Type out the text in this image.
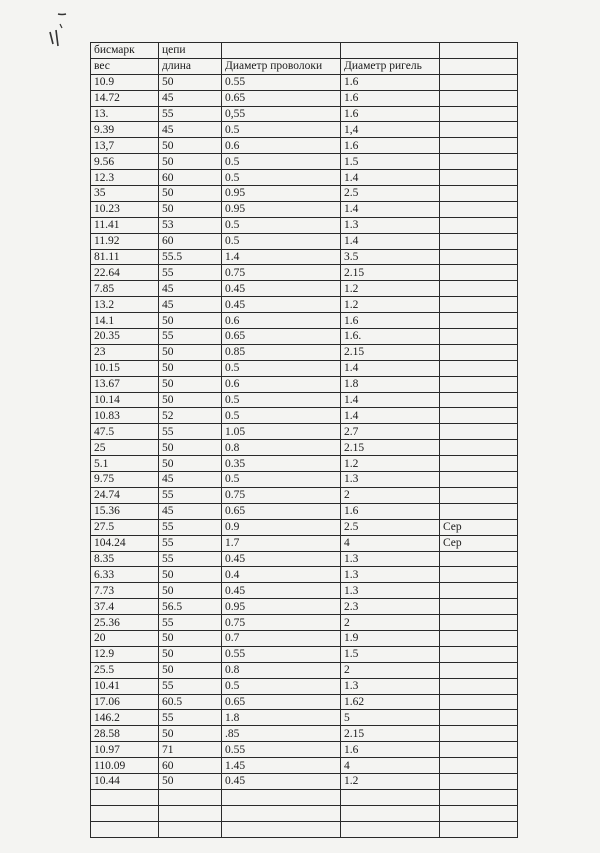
бисмарк	цепи			
вес	длина	Диаметр проволоки	Диаметр ригель	
10.9	50	0.55	1.6	
14.72	45	0.65	1.6	
13.	55	0,55	1.6	
9.39	45	0.5	1,4	
13,7	50	0.6	1.6	
9.56	50	0.5	1.5	
12.3	60	0.5	1.4	
35	50	0.95	2.5	
10.23	50	0.95	1.4	
11.41	53	0.5	1.3	
11.92	60	0.5	1.4	
81.11	55.5	1.4	3.5	
22.64	55	0.75	2.15	
7.85	45	0.45	1.2	
13.2	45	0.45	1.2	
14.1	50	0.6	1.6	
20.35	55	0.65	1.6.	
23	50	0.85	2.15	
10.15	50	0.5	1.4	
13.67	50	0.6	1.8	
10.14	50	0.5	1.4	
10.83	52	0.5	1.4	
47.5	55	1.05	2.7	
25	50	0.8	2.15	
5.1	50	0.35	1.2	
9.75	45	0.5	1.3	
24.74	55	0.75	2	
15.36	45	0.65	1.6	
27.5	55	0.9	2.5	Сер
104.24	55	1.7	4	Сер
8.35	55	0.45	1.3	
6.33	50	0.4	1.3	
7.73	50	0.45	1.3	
37.4	56.5	0.95	2.3	
25.36	55	0.75	2	
20	50	0.7	1.9	
12.9	50	0.55	1.5	
25.5	50	0.8	2	
10.41	55	0.5	1.3	
17.06	60.5	0.65	1.62	
146.2	55	1.8	5	
28.58	50	.85	2.15	
10.97	71	0.55	1.6	
110.09	60	1.45	4	
10.44	50	0.45	1.2	
